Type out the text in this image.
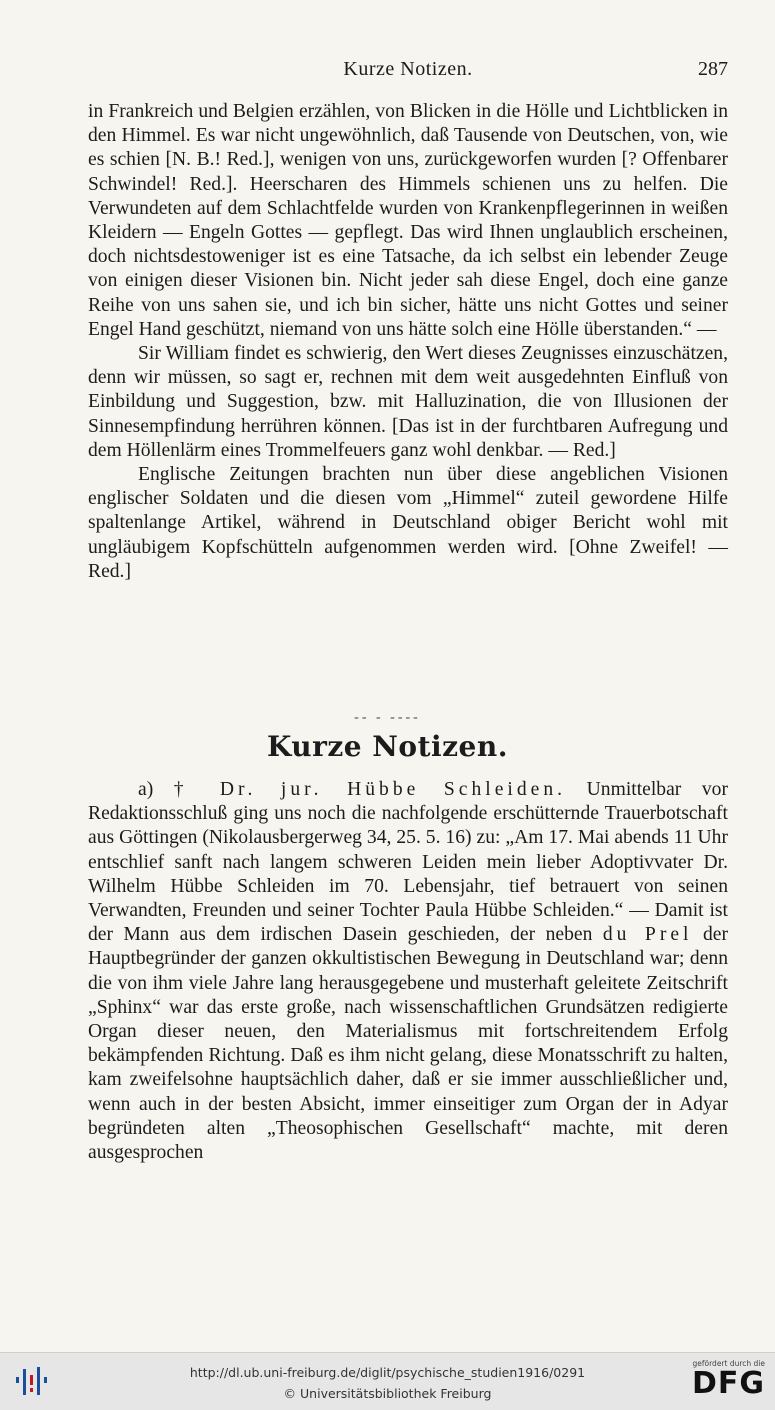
Kurze Notizen.	287

in Frankreich und Belgien erzählen, von Blicken in die Hölle und Lichtblicken in den Himmel. Es war nicht ungewöhnlich, daß Tausende von Deutschen, von, wie es schien [N. B.! Red.], wenigen von uns, zurückgeworfen wurden [? Offenbarer Schwindel! Red.]. Heerscharen des Himmels schienen uns zu helfen. Die Verwundeten auf dem Schlachtfelde wurden von Krankenpflegerinnen in weißen Kleidern — Engeln Gottes — gepflegt. Das wird Ihnen unglaublich erscheinen, doch nichtsdestoweniger ist es eine Tatsache, da ich selbst ein lebender Zeuge von einigen dieser Visionen bin. Nicht jeder sah diese Engel, doch eine ganze Reihe von uns sahen sie, und ich bin sicher, hätte uns nicht Gottes und seiner Engel Hand geschützt, niemand von uns hätte solch eine Hölle überstanden.“ —

Sir William findet es schwierig, den Wert dieses Zeugnisses einzuschätzen, denn wir müssen, so sagt er, rechnen mit dem weit ausgedehnten Einfluß von Einbildung und Suggestion, bzw. mit Halluzination, die von Illusionen der Sinnesempfindung herrühren können. [Das ist in der furchtbaren Aufregung und dem Höllenlärm eines Trommelfeuers ganz wohl denkbar. — Red.]

Englische Zeitungen brachten nun über diese angeblichen Visionen englischer Soldaten und die diesen vom „Himmel“ zuteil gewordene Hilfe spaltenlange Artikel, während in Deutschland obiger Bericht wohl mit ungläubigem Kopfschütteln aufgenommen werden wird. [Ohne Zweifel! — Red.]

-- - ----
Kurze Notizen.

a) † Dr. jur. Hübbe Schleiden. Unmittelbar vor Redaktionsschluß ging uns noch die nachfolgende erschütternde Trauerbotschaft aus Göttingen (Nikolausbergerweg 34, 25. 5. 16) zu: „Am 17. Mai abends 11 Uhr entschlief sanft nach langem schweren Leiden mein lieber Adoptivvater Dr. Wilhelm Hübbe Schleiden im 70. Lebensjahr, tief betrauert von seinen Verwandten, Freunden und seiner Tochter Paula Hübbe Schleiden.“ — Damit ist der Mann aus dem irdischen Dasein geschieden, der neben du Prel der Hauptbegründer der ganzen okkultistischen Bewegung in Deutschland war; denn die von ihm viele Jahre lang herausgegebene und musterhaft geleitete Zeitschrift „Sphinx“ war das erste große, nach wissenschaftlichen Grundsätzen redigierte Organ dieser neuen, den Materialismus mit fortschreitendem Erfolg bekämpfenden Richtung. Daß es ihm nicht gelang, diese Monatsschrift zu halten, kam zweifelsohne hauptsächlich daher, daß er sie immer ausschließlicher und, wenn auch in der besten Absicht, immer einseitiger zum Organ der in Adyar begründeten alten „Theosophischen Gesellschaft“ machte, mit deren ausgesprochen

http://dl.ub.uni-freiburg.de/diglit/psychische_studien1916/0291
© Universitätsbibliothek Freiburg
gefördert durch die
DFG
